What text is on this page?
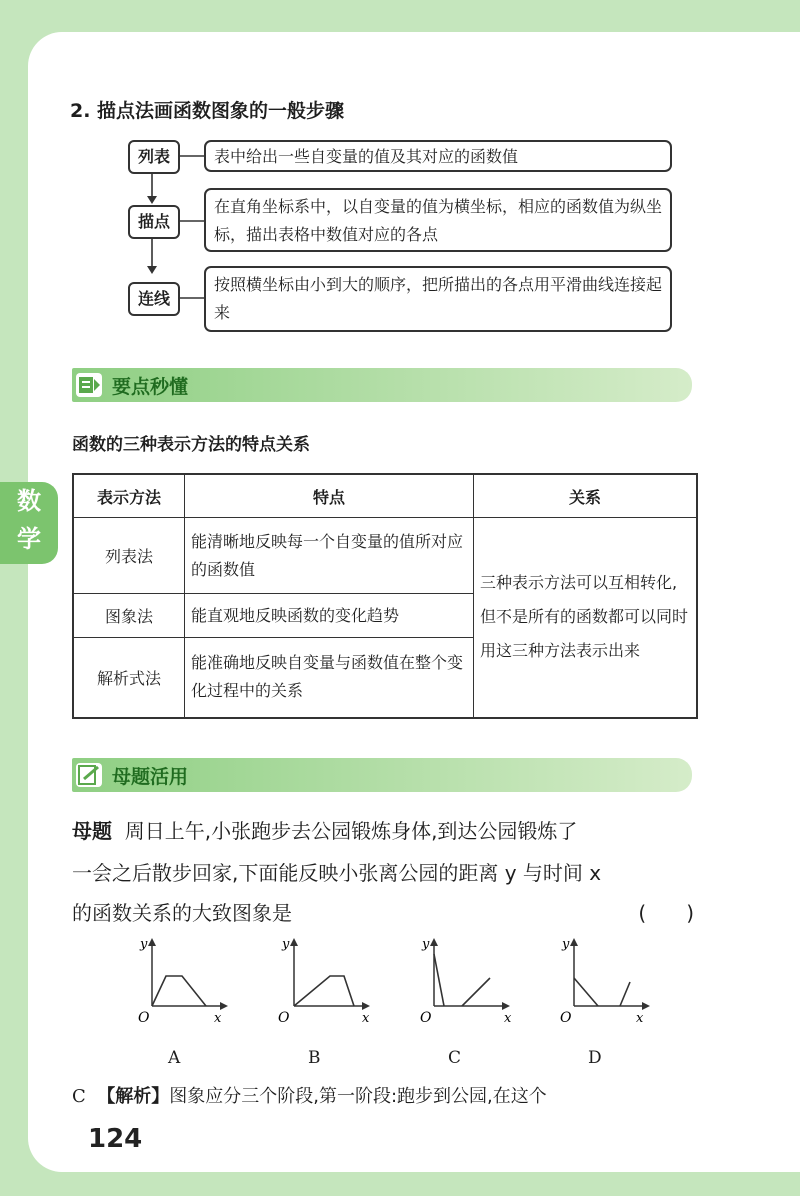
2. 描点法画函数图象的一般步骤
列表
描点
连线
表中给出一些自变量的值及其对应的函数值
在直角坐标系中，以自变量的值为横坐标，相应的函数值为纵坐标，描出表格中数值对应的各点
按照横坐标由小到大的顺序，把所描出的各点用平滑曲线连接起来
要点秒懂
函数的三种表示方法的特点关系
数
学
表示方法	特点	关系
列表法	能清晰地反映每一个自变量的值所对应的函数值	三种表示方法可以互相转化,但不是所有的函数都可以同时用这三种方法表示出来
图象法	能直观地反映函数的变化趋势	
解析式法	能准确地反映自变量与函数值在整个变化过程中的关系	
母题活用
母题 周日上午,小张跑步去公园锻炼身体,到达公园锻炼了
一会之后散步回家,下面能反映小张离公园的距离 y 与时间 x
的函数关系的大致图象是	(　　)
y
x
O
y
x
O
y
x
O
y
x
O
A	B	C	D
C 【解析】图象应分三个阶段,第一阶段:跑步到公园,在这个
124
